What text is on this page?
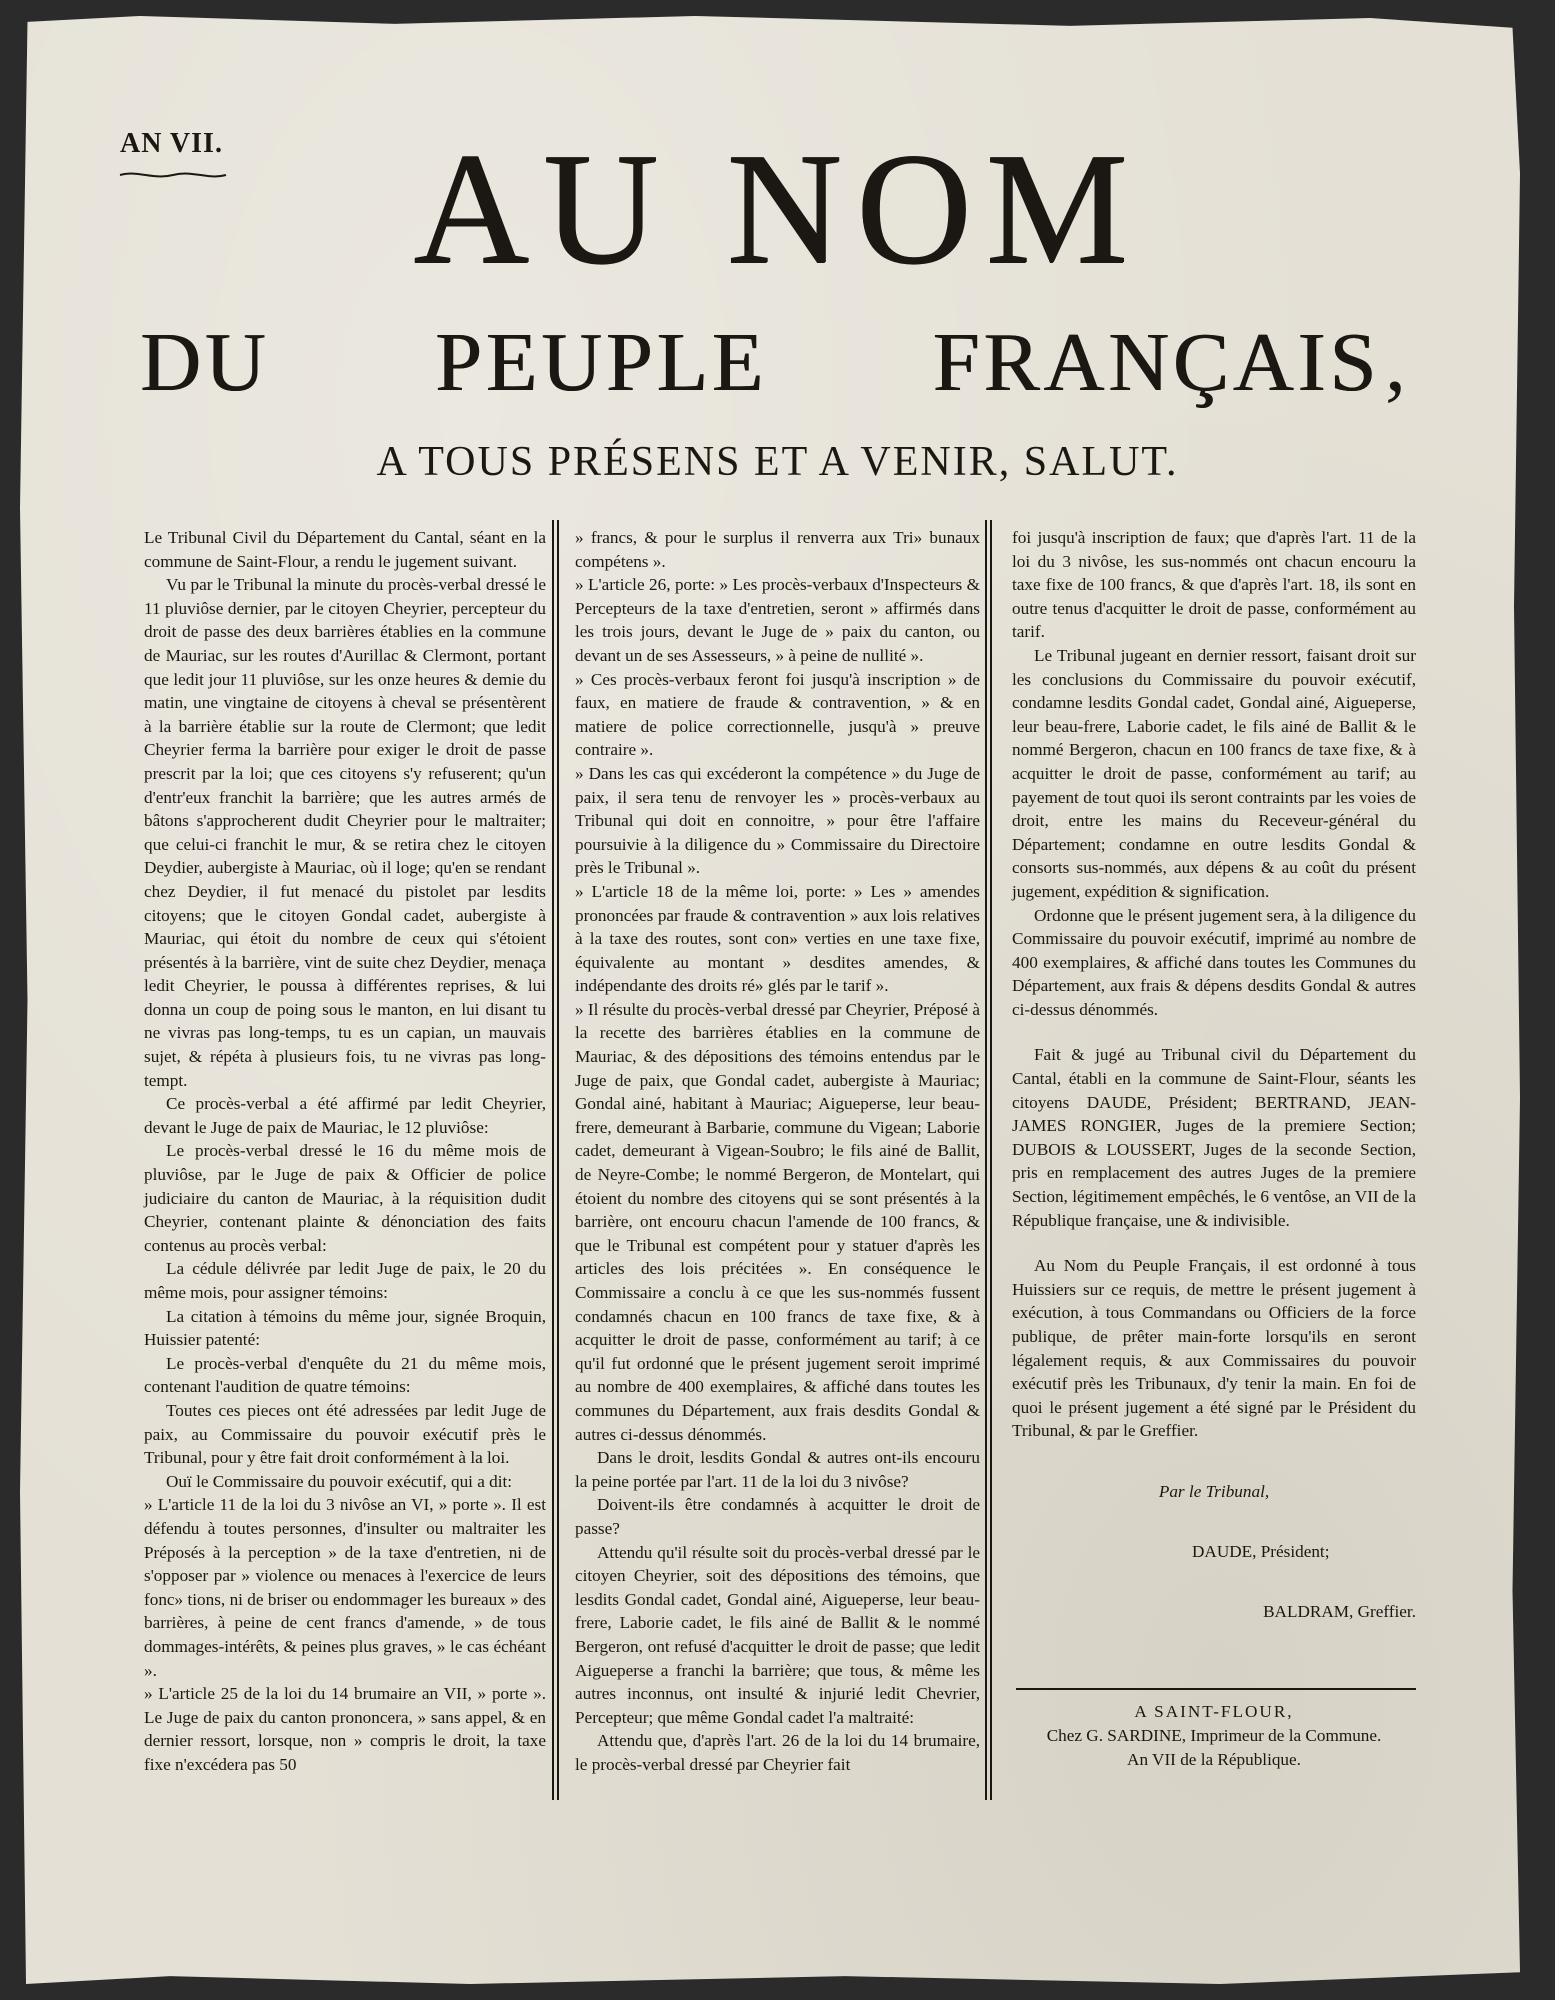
AN VII.	AU NOM
DU PEUPLE FRANÇAIS ,
A TOUS PRÉSENS ET A VENIR, SALUT.

Le Tribunal Civil du Département du Cantal, séant en la commune de Saint-Flour, a rendu le jugement suivant.

Vu par le Tribunal la minute du procès-verbal dressé le 11 pluviôse dernier, par le citoyen Cheyrier, percepteur du droit de passe des deux barrières établies en la commune de Mauriac, sur les routes d'Aurillac & Clermont, portant que ledit jour 11 pluviôse, sur les onze heures & demie du matin, une vingtaine de citoyens à cheval se présentèrent à la barrière établie sur la route de Clermont; que ledit Cheyrier ferma la barrière pour exiger le droit de passe prescrit par la loi; que ces citoyens s'y refuserent; qu'un d'entr'eux franchit la barrière; que les autres armés de bâtons s'approcherent dudit Cheyrier pour le maltraiter; que celui-ci franchit le mur, & se retira chez le citoyen Deydier, aubergiste à Mauriac, où il loge; qu'en se rendant chez Deydier, il fut menacé du pistolet par lesdits citoyens; que le citoyen Gondal cadet, aubergiste à Mauriac, qui étoit du nombre de ceux qui s'étoient présentés à la barrière, vint de suite chez Deydier, menaça ledit Cheyrier, le poussa à différentes reprises, & lui donna un coup de poing sous le manton, en lui disant tu ne vivras pas long-temps, tu es un capian, un mauvais sujet, & répéta à plusieurs fois, tu ne vivras pas long-tempt.

Ce procès-verbal a été affirmé par ledit Cheyrier, devant le Juge de paix de Mauriac, le 12 pluviôse:

Le procès-verbal dressé le 16 du même mois de pluviôse, par le Juge de paix & Officier de police judiciaire du canton de Mauriac, à la réquisition dudit Cheyrier, contenant plainte & dénonciation des faits contenus au procès verbal:

La cédule délivrée par ledit Juge de paix, le 20 du même mois, pour assigner témoins:

La citation à témoins du même jour, signée Broquin, Huissier patenté:

Le procès-verbal d'enquête du 21 du même mois, contenant l'audition de quatre témoins:

Toutes ces pieces ont été adressées par ledit Juge de paix, au Commissaire du pouvoir exécutif près le Tribunal, pour y être fait droit conformément à la loi.

Ouï le Commissaire du pouvoir exécutif, qui a dit:

» L'article 11 de la loi du 3 nivôse an VI, » porte ». Il est défendu à toutes personnes, d'insulter ou maltraiter les Préposés à la perception » de la taxe d'entretien, ni de s'opposer par » violence ou menaces à l'exercice de leurs fonc» tions, ni de briser ou endommager les bureaux » des barrières, à peine de cent francs d'amende, » de tous dommages-intérêts, & peines plus graves, » le cas échéant ».

» L'article 25 de la loi du 14 brumaire an VII, » porte ». Le Juge de paix du canton prononcera, » sans appel, & en dernier ressort, lorsque, non » compris le droit, la taxe fixe n'excédera pas 50

» francs, & pour le surplus il renverra aux Tri» bunaux compétens ».

» L'article 26, porte: » Les procès-verbaux d'Inspecteurs & Percepteurs de la taxe d'entretien, seront » affirmés dans les trois jours, devant le Juge de » paix du canton, ou devant un de ses Assesseurs, » à peine de nullité ».

» Ces procès-verbaux feront foi jusqu'à inscription » de faux, en matiere de fraude & contravention, » & en matiere de police correctionnelle, jusqu'à » preuve contraire ».

» Dans les cas qui excéderont la compétence » du Juge de paix, il sera tenu de renvoyer les » procès-verbaux au Tribunal qui doit en connoitre, » pour être l'affaire poursuivie à la diligence du » Commissaire du Directoire près le Tribunal ».

» L'article 18 de la même loi, porte: » Les » amendes prononcées par fraude & contravention » aux lois relatives à la taxe des routes, sont con» verties en une taxe fixe, équivalente au montant » desdites amendes, & indépendante des droits ré» glés par le tarif ».

» Il résulte du procès-verbal dressé par Cheyrier, Préposé à la recette des barrières établies en la commune de Mauriac, & des dépositions des témoins entendus par le Juge de paix, que Gondal cadet, aubergiste à Mauriac; Gondal ainé, habitant à Mauriac; Aigueperse, leur beau-frere, demeurant à Barbarie, commune du Vigean; Laborie cadet, demeurant à Vigean-Soubro; le fils ainé de Ballit, de Neyre-Combe; le nommé Bergeron, de Montelart, qui étoient du nombre des citoyens qui se sont présentés à la barrière, ont encouru chacun l'amende de 100 francs, & que le Tribunal est compétent pour y statuer d'après les articles des lois précitées ». En conséquence le Commissaire a conclu à ce que les sus-nommés fussent condamnés chacun en 100 francs de taxe fixe, & à acquitter le droit de passe, conformément au tarif; à ce qu'il fut ordonné que le présent jugement seroit imprimé au nombre de 400 exemplaires, & affiché dans toutes les communes du Département, aux frais desdits Gondal & autres ci-dessus dénommés.

Dans le droit, lesdits Gondal & autres ont-ils encouru la peine portée par l'art. 11 de la loi du 3 nivôse?

Doivent-ils être condamnés à acquitter le droit de passe?

Attendu qu'il résulte soit du procès-verbal dressé par le citoyen Cheyrier, soit des dépositions des témoins, que lesdits Gondal cadet, Gondal ainé, Aigueperse, leur beau-frere, Laborie cadet, le fils ainé de Ballit & le nommé Bergeron, ont refusé d'acquitter le droit de passe; que ledit Aigueperse a franchi la barrière; que tous, & même les autres inconnus, ont insulté & injurié ledit Chevrier, Percepteur; que même Gondal cadet l'a maltraité:

Attendu que, d'après l'art. 26 de la loi du 14 brumaire, le procès-verbal dressé par Cheyrier fait

foi jusqu'à inscription de faux; que d'après l'art. 11 de la loi du 3 nivôse, les sus-nommés ont chacun encouru la taxe fixe de 100 francs, & que d'après l'art. 18, ils sont en outre tenus d'acquitter le droit de passe, conformément au tarif.

Le Tribunal jugeant en dernier ressort, faisant droit sur les conclusions du Commissaire du pouvoir exécutif, condamne lesdits Gondal cadet, Gondal ainé, Aigueperse, leur beau-frere, Laborie cadet, le fils ainé de Ballit & le nommé Bergeron, chacun en 100 francs de taxe fixe, & à acquitter le droit de passe, conformément au tarif; au payement de tout quoi ils seront contraints par les voies de droit, entre les mains du Receveur-général du Département; condamne en outre lesdits Gondal & consorts sus-nommés, aux dépens & au coût du présent jugement, expédition & signification.

Ordonne que le présent jugement sera, à la diligence du Commissaire du pouvoir exécutif, imprimé au nombre de 400 exemplaires, & affiché dans toutes les Communes du Département, aux frais & dépens desdits Gondal & autres ci-dessus dénommés.

Fait & jugé au Tribunal civil du Département du Cantal, établi en la commune de Saint-Flour, séants les citoyens DAUDE, Président; BERTRAND, JEAN-JAMES RONGIER, Juges de la premiere Section; DUBOIS & LOUSSERT, Juges de la seconde Section, pris en remplacement des autres Juges de la premiere Section, légitimement empêchés, le 6 ventôse, an VII de la République française, une & indivisible.

Au Nom du Peuple Français, il est ordonné à tous Huissiers sur ce requis, de mettre le présent jugement à exécution, à tous Commandans ou Officiers de la force publique, de prêter main-forte lorsqu'ils en seront légalement requis, & aux Commissaires du pouvoir exécutif près les Tribunaux, d'y tenir la main. En foi de quoi le présent jugement a été signé par le Président du Tribunal, & par le Greffier.

Par le Tribunal,
DAUDE, Président;
BALDRAM, Greffier.
A SAINT-FLOUR,
Chez G. SARDINE, Imprimeur de la Commune.
An VII de la République.
